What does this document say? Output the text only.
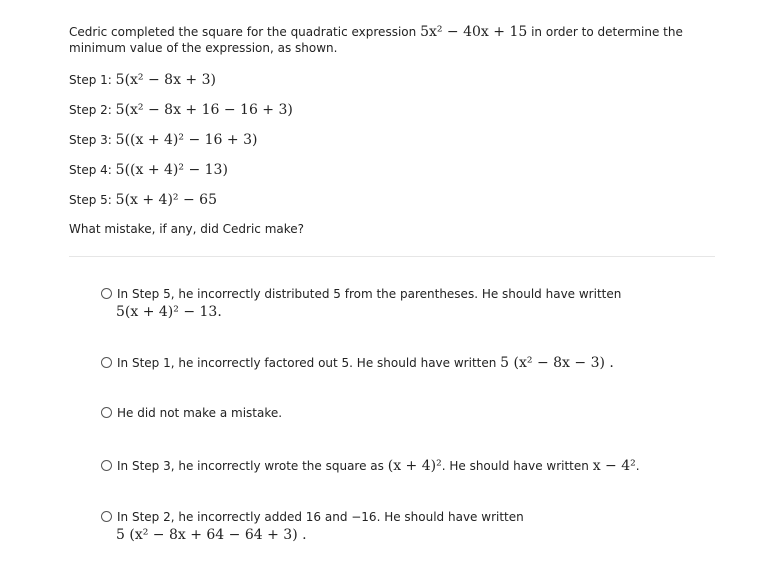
Cedric completed the square for the quadratic expression 5x² − 40x + 15 in order to determine the minimum value of the expression, as shown.
Step 1: 5(x² − 8x + 3)
Step 2: 5(x² − 8x + 16 − 16 + 3)
Step 3: 5((x + 4)² − 16 + 3)
Step 4: 5((x + 4)² − 13)
Step 5: 5(x + 4)² − 65
What mistake, if any, did Cedric make?
In Step 5, he incorrectly distributed 5 from the parentheses. He should have written
5(x + 4)² − 13.
In Step 1, he incorrectly factored out 5. He should have written 5 (x² − 8x − 3) .
He did not make a mistake.
In Step 3, he incorrectly wrote the square as (x + 4)². He should have written x − 4².
In Step 2, he incorrectly added 16 and −16. He should have written
5 (x² − 8x + 64 − 64 + 3) .
